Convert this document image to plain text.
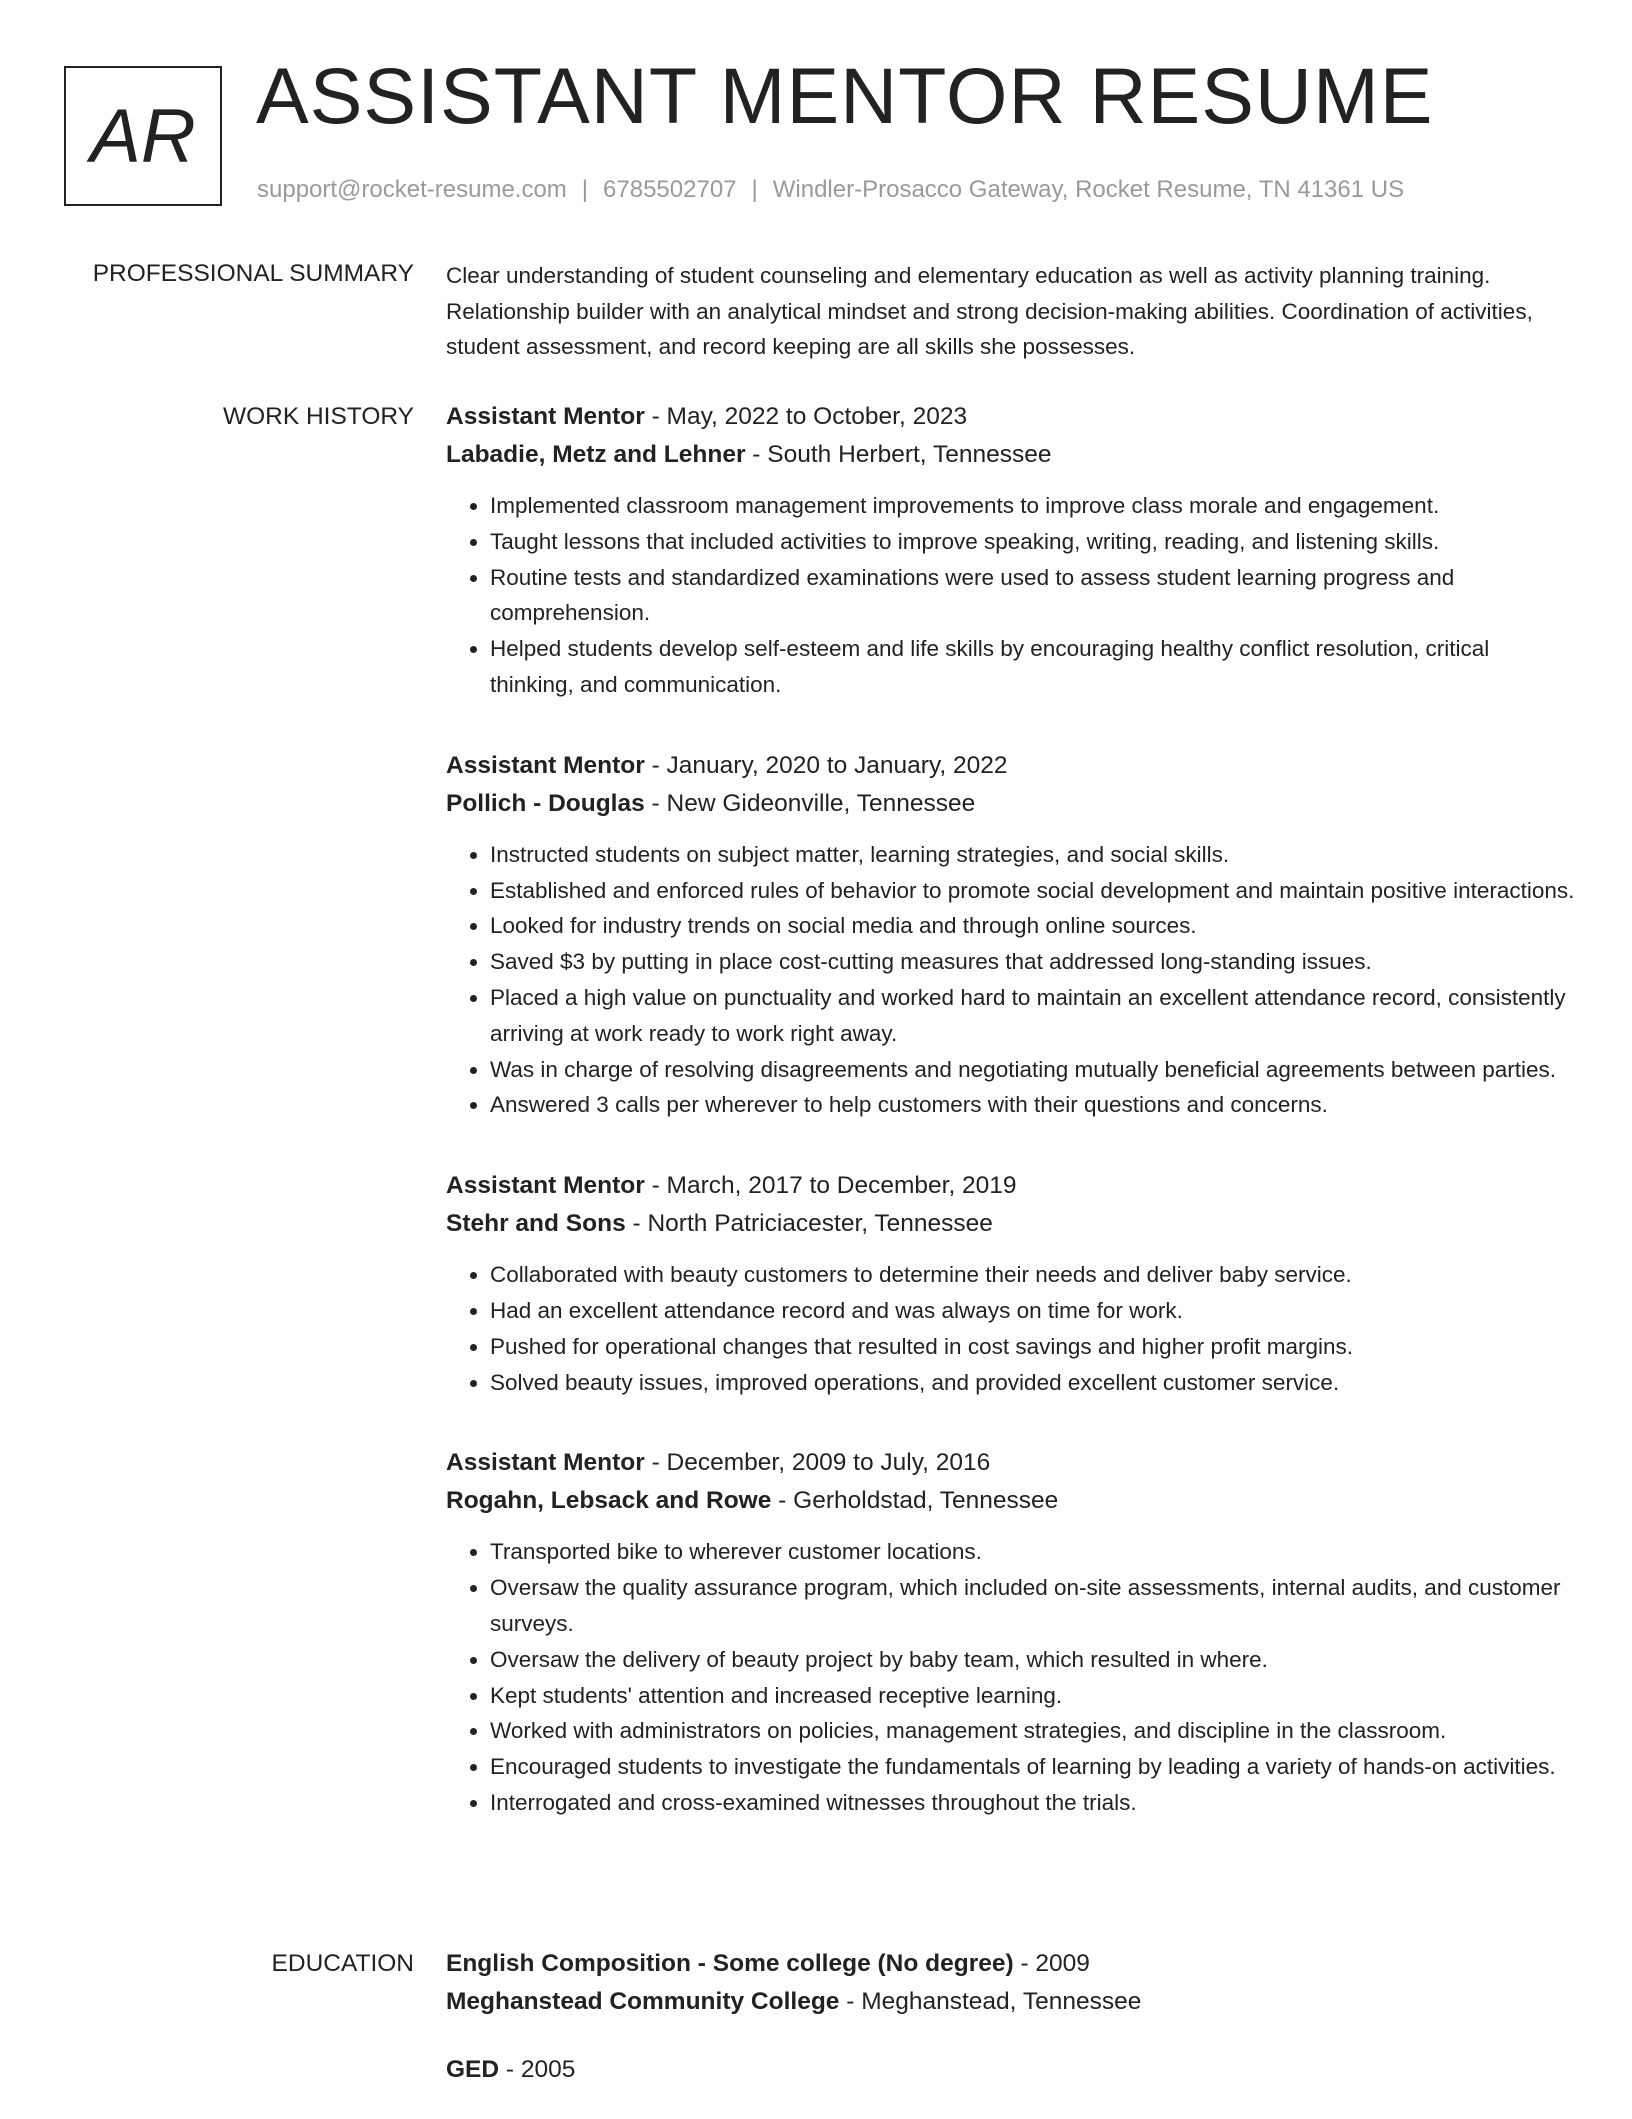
AR ASSISTANT MENTOR RESUME
support@rocket-resume.com | 6785502707 | Windler-Prosacco Gateway, Rocket Resume, TN 41361 US
PROFESSIONAL SUMMARY Clear understanding of student counseling and elementary education as well as activity planning training. Relationship builder with an analytical mindset and strong decision-making abilities. Coordination of activities, student assessment, and record keeping are all skills she possesses.

WORK HISTORY Assistant Mentor - May, 2022 to October, 2023
Labadie, Metz and Lehner - South Herbert, Tennessee
• Implemented classroom management improvements to improve class morale and engagement.
• Taught lessons that included activities to improve speaking, writing, reading, and listening skills.
• Routine tests and standardized examinations were used to assess student learning progress and comprehension.
• Helped students develop self-esteem and life skills by encouraging healthy conflict resolution, critical thinking, and communication.
Assistant Mentor - January, 2020 to January, 2022
Pollich - Douglas - New Gideonville, Tennessee
• Instructed students on subject matter, learning strategies, and social skills.
• Established and enforced rules of behavior to promote social development and maintain positive interactions.
• Looked for industry trends on social media and through online sources.
• Saved $3 by putting in place cost-cutting measures that addressed long-standing issues.
• Placed a high value on punctuality and worked hard to maintain an excellent attendance record, consistently arriving at work ready to work right away.
• Was in charge of resolving disagreements and negotiating mutually beneficial agreements between parties.
• Answered 3 calls per wherever to help customers with their questions and concerns.
Assistant Mentor - March, 2017 to December, 2019
Stehr and Sons - North Patriciacester, Tennessee
• Collaborated with beauty customers to determine their needs and deliver baby service.
• Had an excellent attendance record and was always on time for work.
• Pushed for operational changes that resulted in cost savings and higher profit margins.
• Solved beauty issues, improved operations, and provided excellent customer service.
Assistant Mentor - December, 2009 to July, 2016
Rogahn, Lebsack and Rowe - Gerholdstad, Tennessee
• Transported bike to wherever customer locations.
• Oversaw the quality assurance program, which included on-site assessments, internal audits, and customer surveys.
• Oversaw the delivery of beauty project by baby team, which resulted in where.
• Kept students' attention and increased receptive learning.
• Worked with administrators on policies, management strategies, and discipline in the classroom.
• Encouraged students to investigate the fundamentals of learning by leading a variety of hands-on activities.
• Interrogated and cross-examined witnesses throughout the trials.
EDUCATION English Composition - Some college (No degree) - 2009
Meghanstead Community College - Meghanstead, Tennessee
GED - 2005
